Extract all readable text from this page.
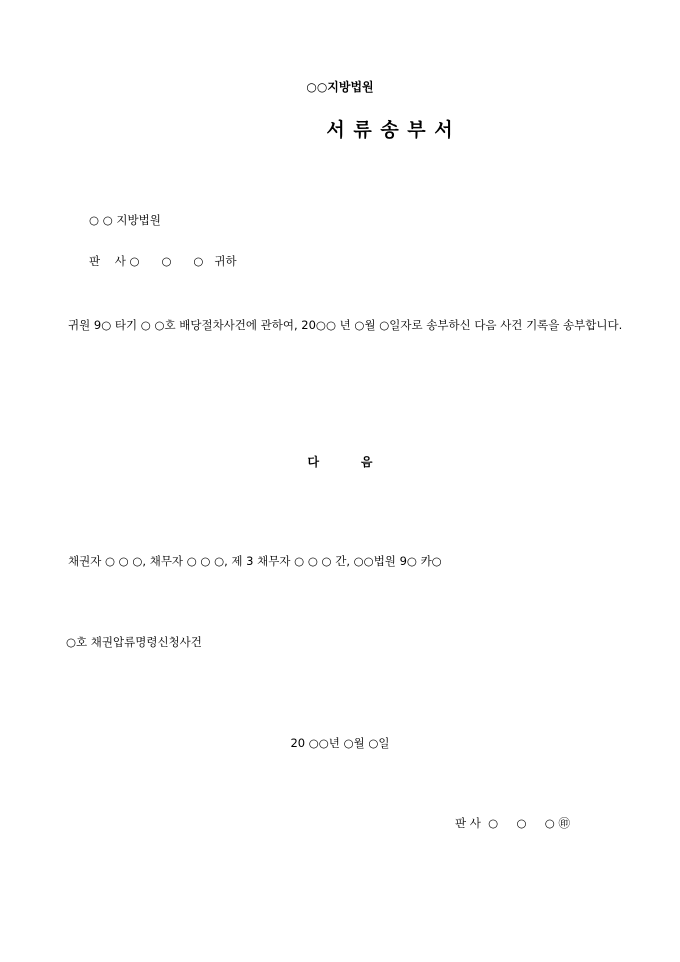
○○지방법원
서 류 송 부 서
○ ○ 지방법원
판    사 ○      ○      ○   귀하
귀원 9○ 타기 ○ ○호 배당절차사건에 관하여, 20○○ 년 ○월 ○일자로 송부하신 다음 사건 기록을 송부합니다.
다          음
채권자 ○ ○ ○, 채무자 ○ ○ ○, 제 3 채무자 ○ ○ ○ 간, ○○법원 9○ 카○
○호 채권압류명령신청사건
20 ○○년 ○월 ○일
판 사  ○     ○     ○ ㊞
